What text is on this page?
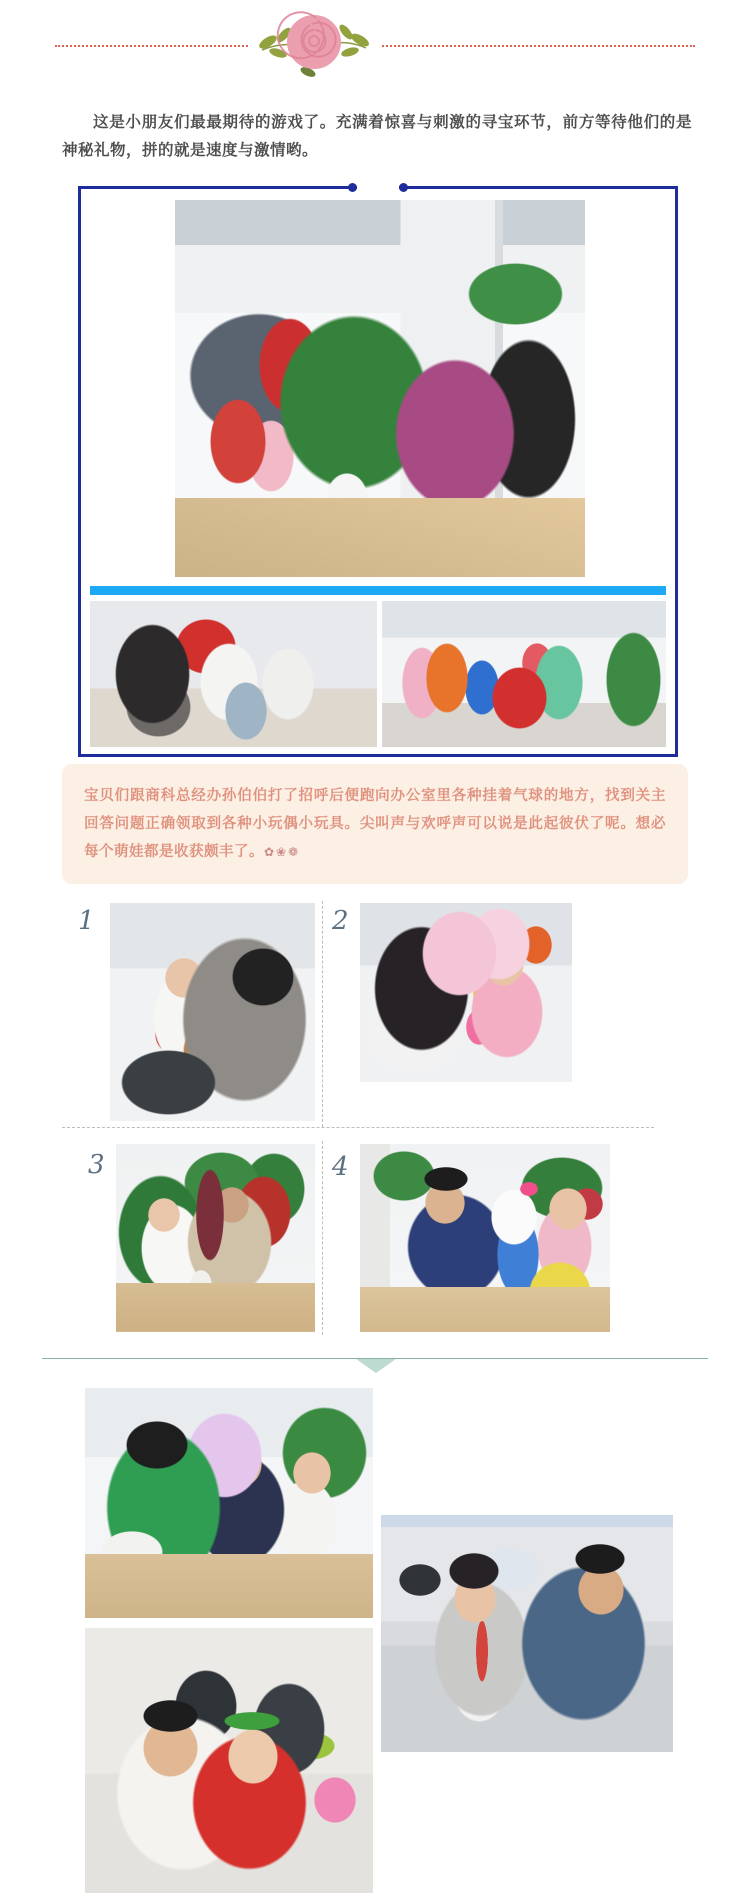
这是小朋友们最最期待的游戏了。充满着惊喜与刺激的寻宝环节，前方等待他们的是神秘礼物，拼的就是速度与激情哟。

宝贝们跟商科总经办孙伯伯打了招呼后便跑向办公室里各种挂着气球的地方，找到关主回答问题正确领取到各种小玩偶小玩具。尖叫声与欢呼声可以说是此起彼伏了呢。想必每个萌娃都是收获颇丰了。✿❀❁
1	2
3	4
